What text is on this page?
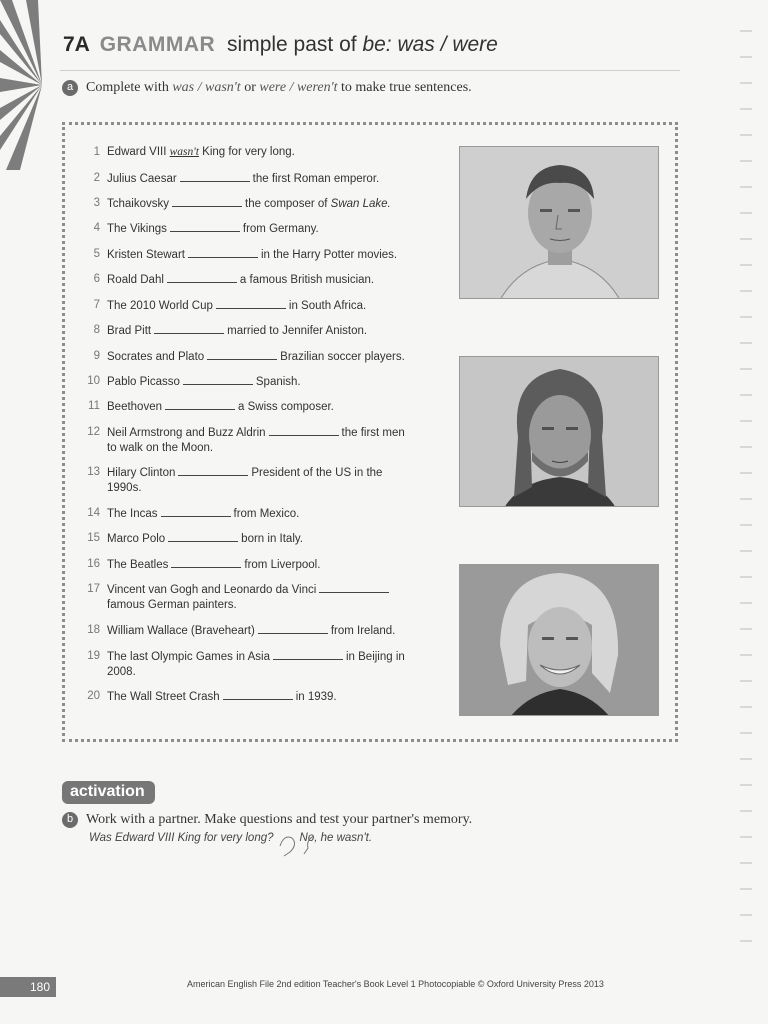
7A GRAMMAR simple past of be: was / were
a Complete with was / wasn't or were / weren't to make true sentences.
1 Edward VIII wasn't King for very long.
2 Julius Caesar	the first Roman emperor.
3 Tchaikovsky	the composer of Swan Lake.
4 The Vikings	from Germany.
5 Kristen Stewart	in the Harry Potter movies.
6 Roald Dahl	a famous British musician.
7 The 2010 World Cup	in South Africa.
8 Brad Pitt	married to Jennifer Aniston.
9 Socrates and Plato	Brazilian soccer players.
10 Pablo Picasso	Spanish.
11 Beethoven	a Swiss composer.
12 Neil Armstrong and Buzz Aldrin	the first men
to walk on the Moon.
13 Hilary Clinton	President of the US in the
1990s.
14 The Incas	from Mexico.
15 Marco Polo	born in Italy.
16 The Beatles	from Liverpool.
17 Vincent van Gogh and Leonardo da Vinci
famous German painters.
18 William Wallace (Braveheart)	from Ireland.
19 The last Olympic Games in Asia	in Beijing in
2008.
20 The Wall Street Crash	in 1939.
activation
b Work with a partner. Make questions and test your partner's memory.
Was Edward VIII King for very long? No, he wasn't.
180	American English File 2nd edition Teacher's Book Level 1 Photocopiable © Oxford University Press 2013
